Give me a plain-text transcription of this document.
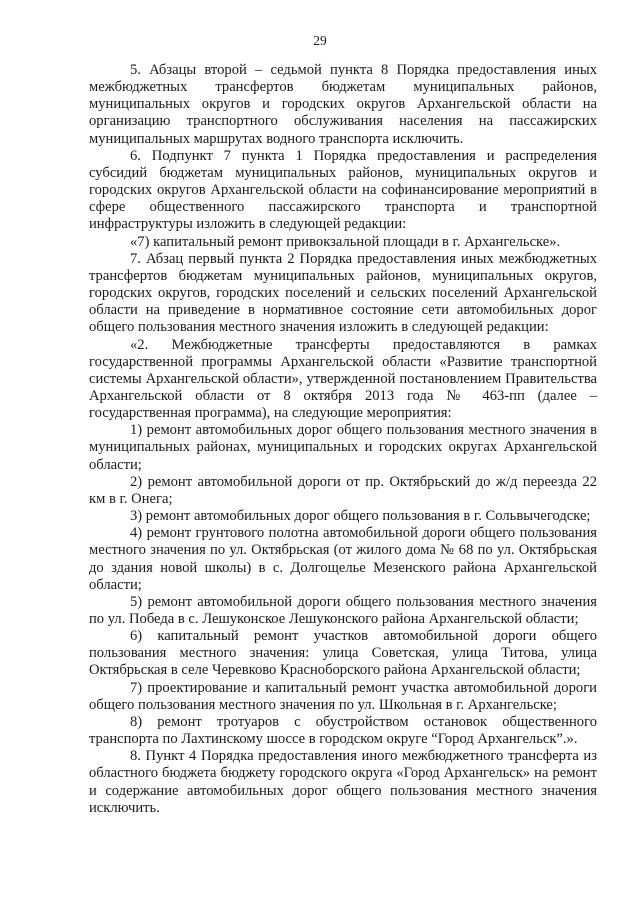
29

5. Абзацы второй – седьмой пункта 8 Порядка предоставления иных межбюджетных трансфертов бюджетам муниципальных районов, муниципальных округов и городских округов Архангельской области на организацию транспортного обслуживания населения на пассажирских муниципальных маршрутах водного транспорта исключить.

6. Подпункт 7 пункта 1 Порядка предоставления и распределения субсидий бюджетам муниципальных районов, муниципальных округов и городских округов Архангельской области на софинансирование мероприятий в сфере общественного пассажирского транспорта и транспортной инфраструктуры изложить в следующей редакции:

«7) капитальный ремонт привокзальной площади в г. Архангельске».

7. Абзац первый пункта 2 Порядка предоставления иных межбюджетных трансфертов бюджетам муниципальных районов, муниципальных округов, городских округов, городских поселений и сельских поселений Архангельской области на приведение в нормативное состояние сети автомобильных дорог общего пользования местного значения изложить в следующей редакции:

«2. Межбюджетные трансферты предоставляются в рамках государственной программы Архангельской области «Развитие транспортной системы Архангельской области», утвержденной постановлением Правительства Архангельской области от 8 октября 2013 года № 463-пп (далее – государственная программа), на следующие мероприятия:

1) ремонт автомобильных дорог общего пользования местного значения в муниципальных районах, муниципальных и городских округах Архангельской области;

2) ремонт автомобильной дороги от пр. Октябрьский до ж/д переезда 22 км в г. Онега;

3) ремонт автомобильных дорог общего пользования в г. Сольвычегодске;

4) ремонт грунтового полотна автомобильной дороги общего пользования местного значения по ул. Октябрьская (от жилого дома № 68 по ул. Октябрьская до здания новой школы) в с. Долгощелье Мезенского района Архангельской области;

5) ремонт автомобильной дороги общего пользования местного значения по ул. Победа в с. Лешуконское Лешуконского района Архангельской области;

6) капитальный ремонт участков автомобильной дороги общего пользования местного значения: улица Советская, улица Титова, улица Октябрьская в селе Черевково Красноборского района Архангельской области;

7) проектирование и капитальный ремонт участка автомобильной дороги общего пользования местного значения по ул. Школьная в г. Архангельске;

8) ремонт тротуаров с обустройством остановок общественного транспорта по Лахтинскому шоссе в городском округе “Город Архангельск”.».

8. Пункт 4 Порядка предоставления иного межбюджетного трансферта из областного бюджета бюджету городского округа «Город Архангельск» на ремонт и содержание автомобильных дорог общего пользования местного значения исключить.
